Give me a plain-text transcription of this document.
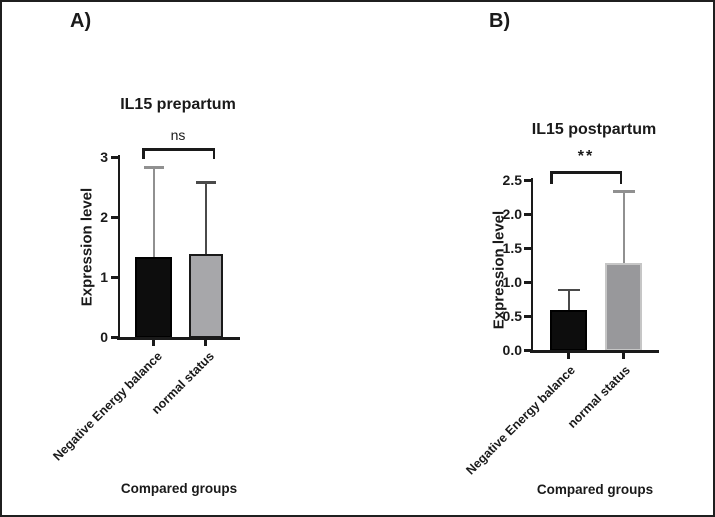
A)
IL15 prepartum
ns
Expression level
3
2
1
0
Negative Energy balance
normal status
Compared groups
B)
IL15 postpartum
**
Expression level
2.5
2.0
1.5
1.0
0.5
0.0
Negative Energy balance
normal status
Compared groups
